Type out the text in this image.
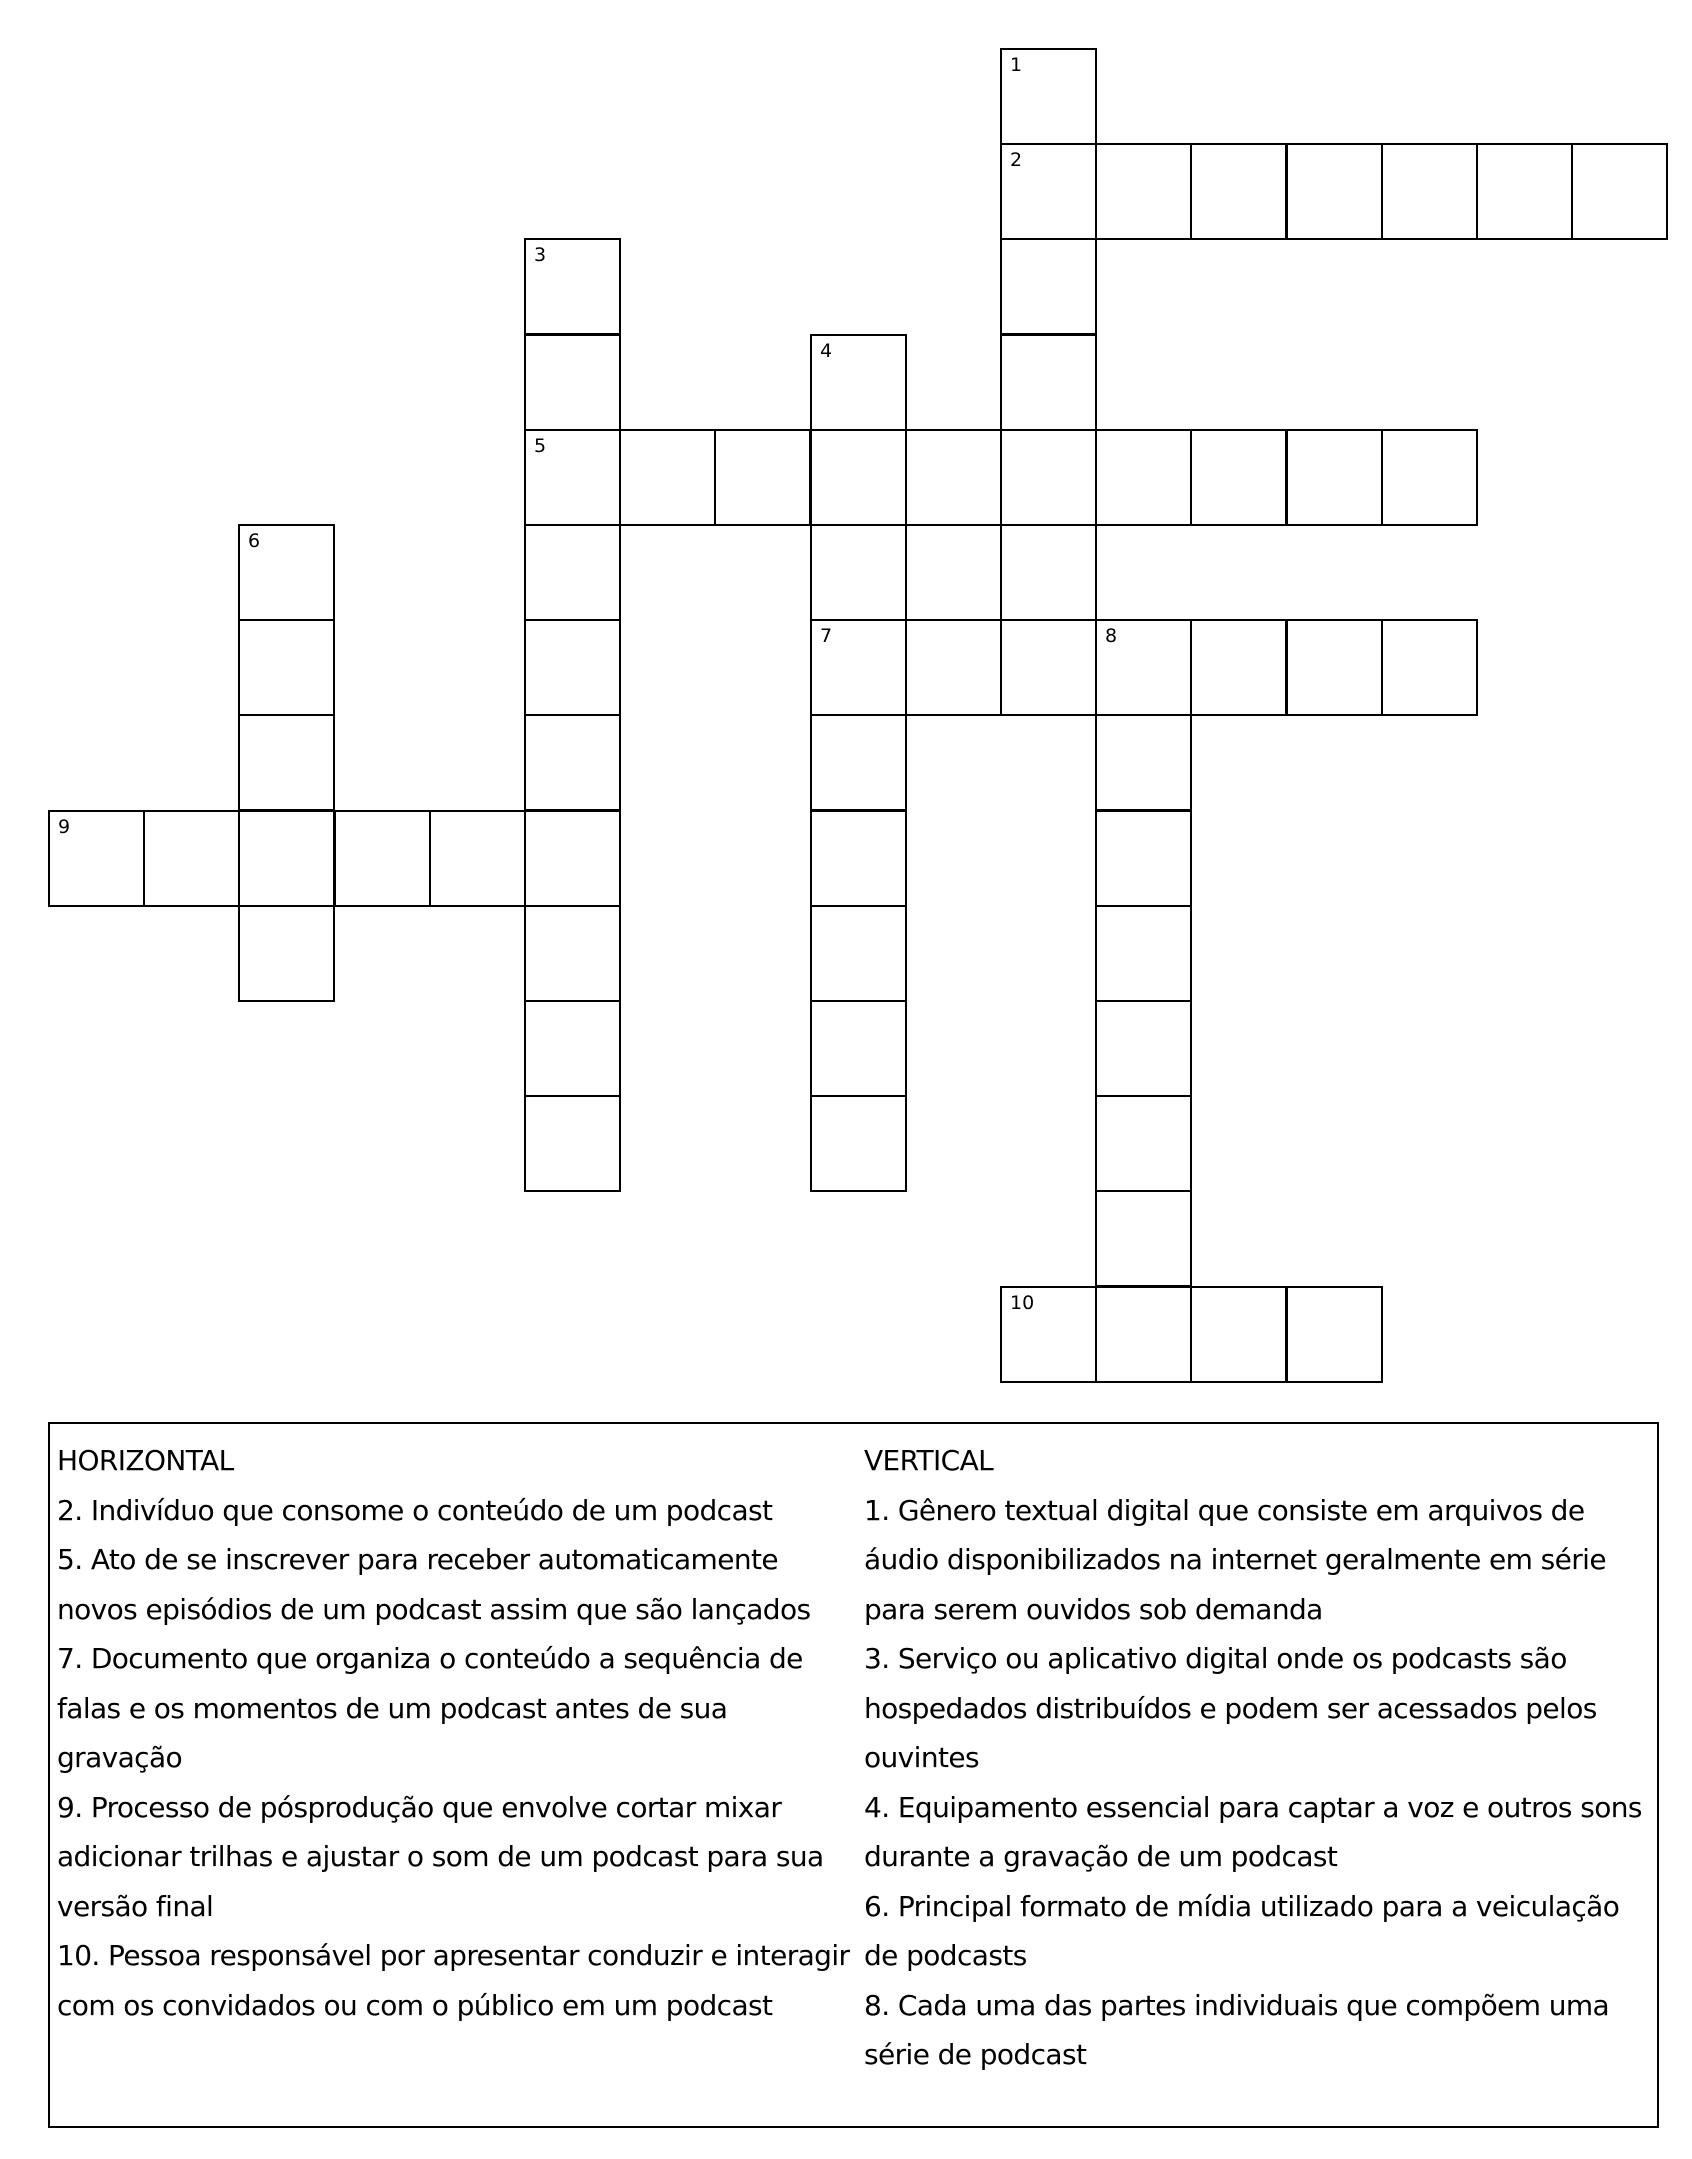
1
2
3
5
4
7
6
8
9
10
HORIZONTAL
2. Indivíduo que consome o conteúdo de um podcast
5. Ato de se inscrever para receber automaticamente novos episódios de um podcast assim que são lançados
7. Documento que organiza o conteúdo a sequência de falas e os momentos de um podcast antes de sua gravação
9. Processo de pósprodução que envolve cortar mixar adicionar trilhas e ajustar o som de um podcast para sua versão final
10. Pessoa responsável por apresentar conduzir e interagir com os convidados ou com o público em um podcast
VERTICAL
1. Gênero textual digital que consiste em arquivos de áudio disponibilizados na internet geralmente em série para serem ouvidos sob demanda
3. Serviço ou aplicativo digital onde os podcasts são hospedados distribuídos e podem ser acessados pelos ouvintes
4. Equipamento essencial para captar a voz e outros sons durante a gravação de um podcast
6. Principal formato de mídia utilizado para a veiculação de podcasts
8. Cada uma das partes individuais que compõem uma série de podcast
